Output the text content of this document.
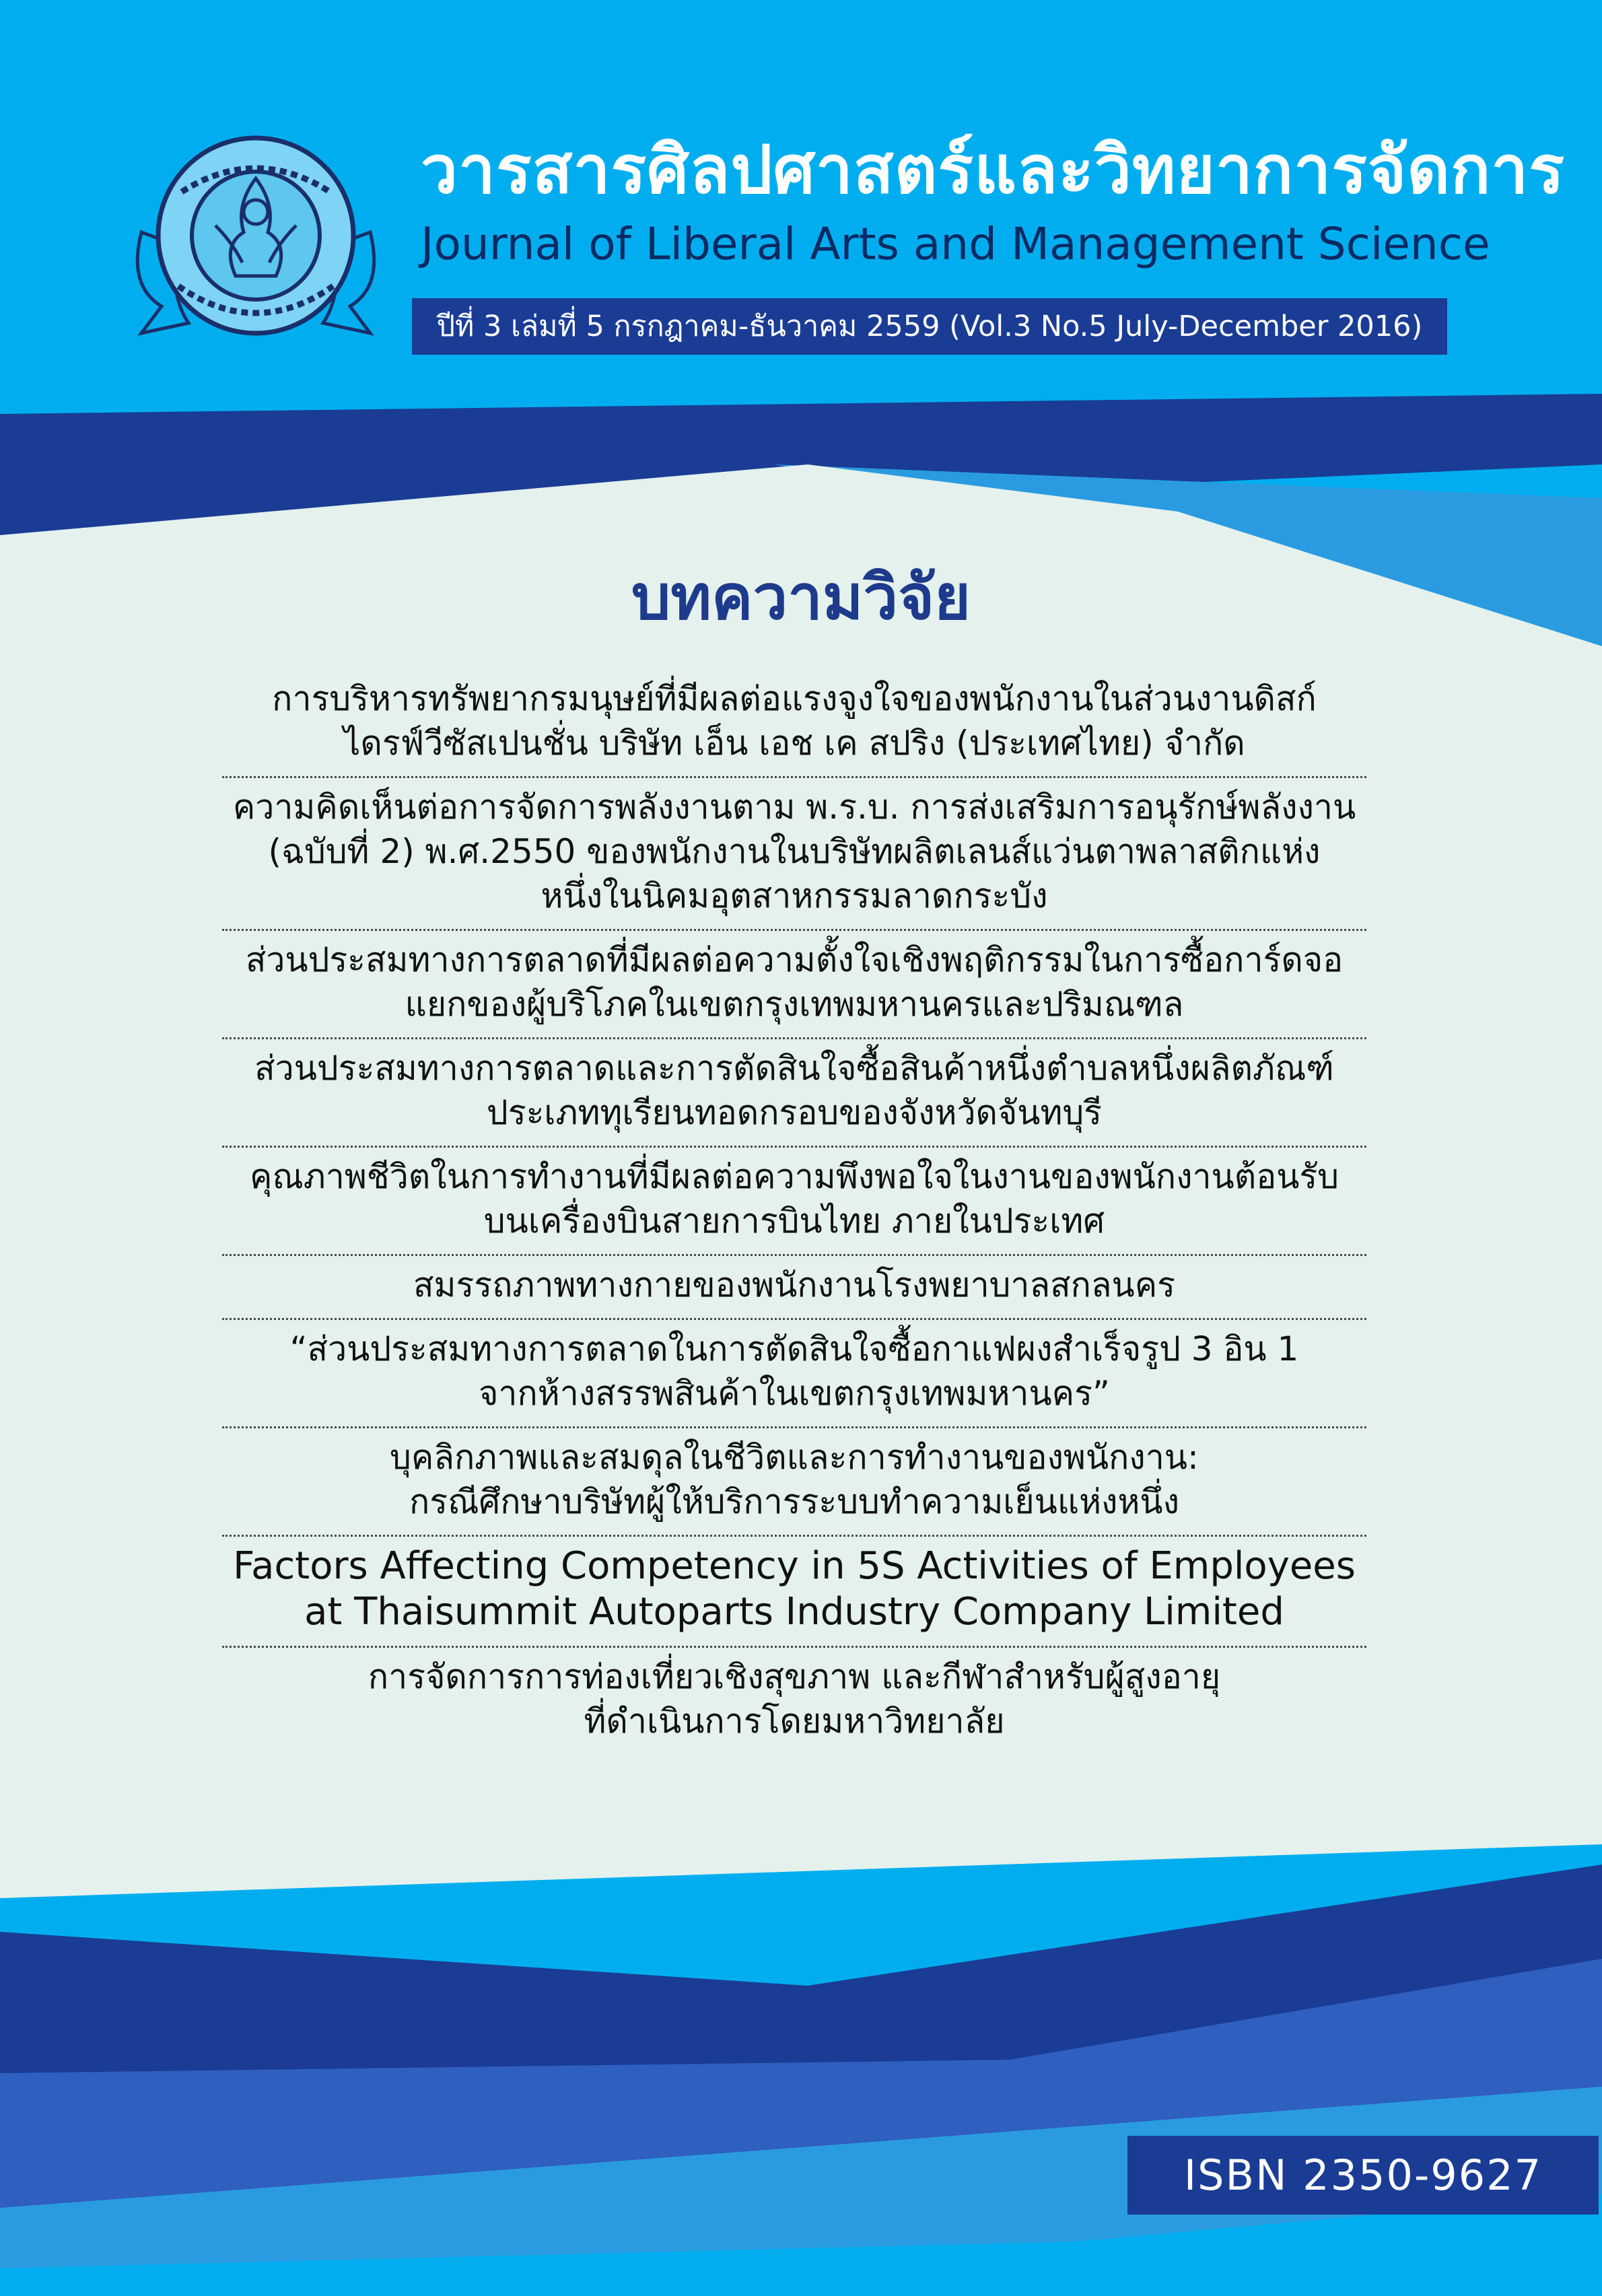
วารสารศิลปศาสตร์และวิทยาการจัดการ
Journal of Liberal Arts and Management Science
ปีที่ 3 เล่มที่ 5 กรกฎาคม-ธันวาคม 2559 (Vol.3 No.5 July-December 2016)
บทความวิจัย
การบริหารทรัพยากรมนุษย์ที่มีผลต่อแรงจูงใจของพนักงานในส่วนงานดิสก์
ไดรฟ์วีซัสเปนชั่น บริษัท เอ็น เอช เค สปริง (ประเทศไทย) จำกัด
ความคิดเห็นต่อการจัดการพลังงานตาม พ.ร.บ. การส่งเสริมการอนุรักษ์พลังงาน
(ฉบับที่ 2) พ.ศ.2550 ของพนักงานในบริษัทผลิตเลนส์แว่นตาพลาสติกแห่ง
หนึ่งในนิคมอุตสาหกรรมลาดกระบัง
ส่วนประสมทางการตลาดที่มีผลต่อความตั้งใจเชิงพฤติกรรมในการซื้อการ์ดจอ
แยกของผู้บริโภคในเขตกรุงเทพมหานครและปริมณฑล
ส่วนประสมทางการตลาดและการตัดสินใจซื้อสินค้าหนึ่งตำบลหนึ่งผลิตภัณฑ์
ประเภททุเรียนทอดกรอบของจังหวัดจันทบุรี
คุณภาพชีวิตในการทำงานที่มีผลต่อความพึงพอใจในงานของพนักงานต้อนรับ
บนเครื่องบินสายการบินไทย ภายในประเทศ
สมรรถภาพทางกายของพนักงานโรงพยาบาลสกลนคร
“ส่วนประสมทางการตลาดในการตัดสินใจซื้อกาแฟผงสำเร็จรูป 3 อิน 1
จากห้างสรรพสินค้าในเขตกรุงเทพมหานคร”
บุคลิกภาพและสมดุลในชีวิตและการทำงานของพนักงาน:
กรณีศึกษาบริษัทผู้ให้บริการระบบทำความเย็นแห่งหนึ่ง
Factors Affecting Competency in 5S Activities of Employees
at Thaisummit Autoparts Industry Company Limited
การจัดการการท่องเที่ยวเชิงสุขภาพ และกีฬาสำหรับผู้สูงอายุ
ที่ดำเนินการโดยมหาวิทยาลัย
ISBN 2350-9627
